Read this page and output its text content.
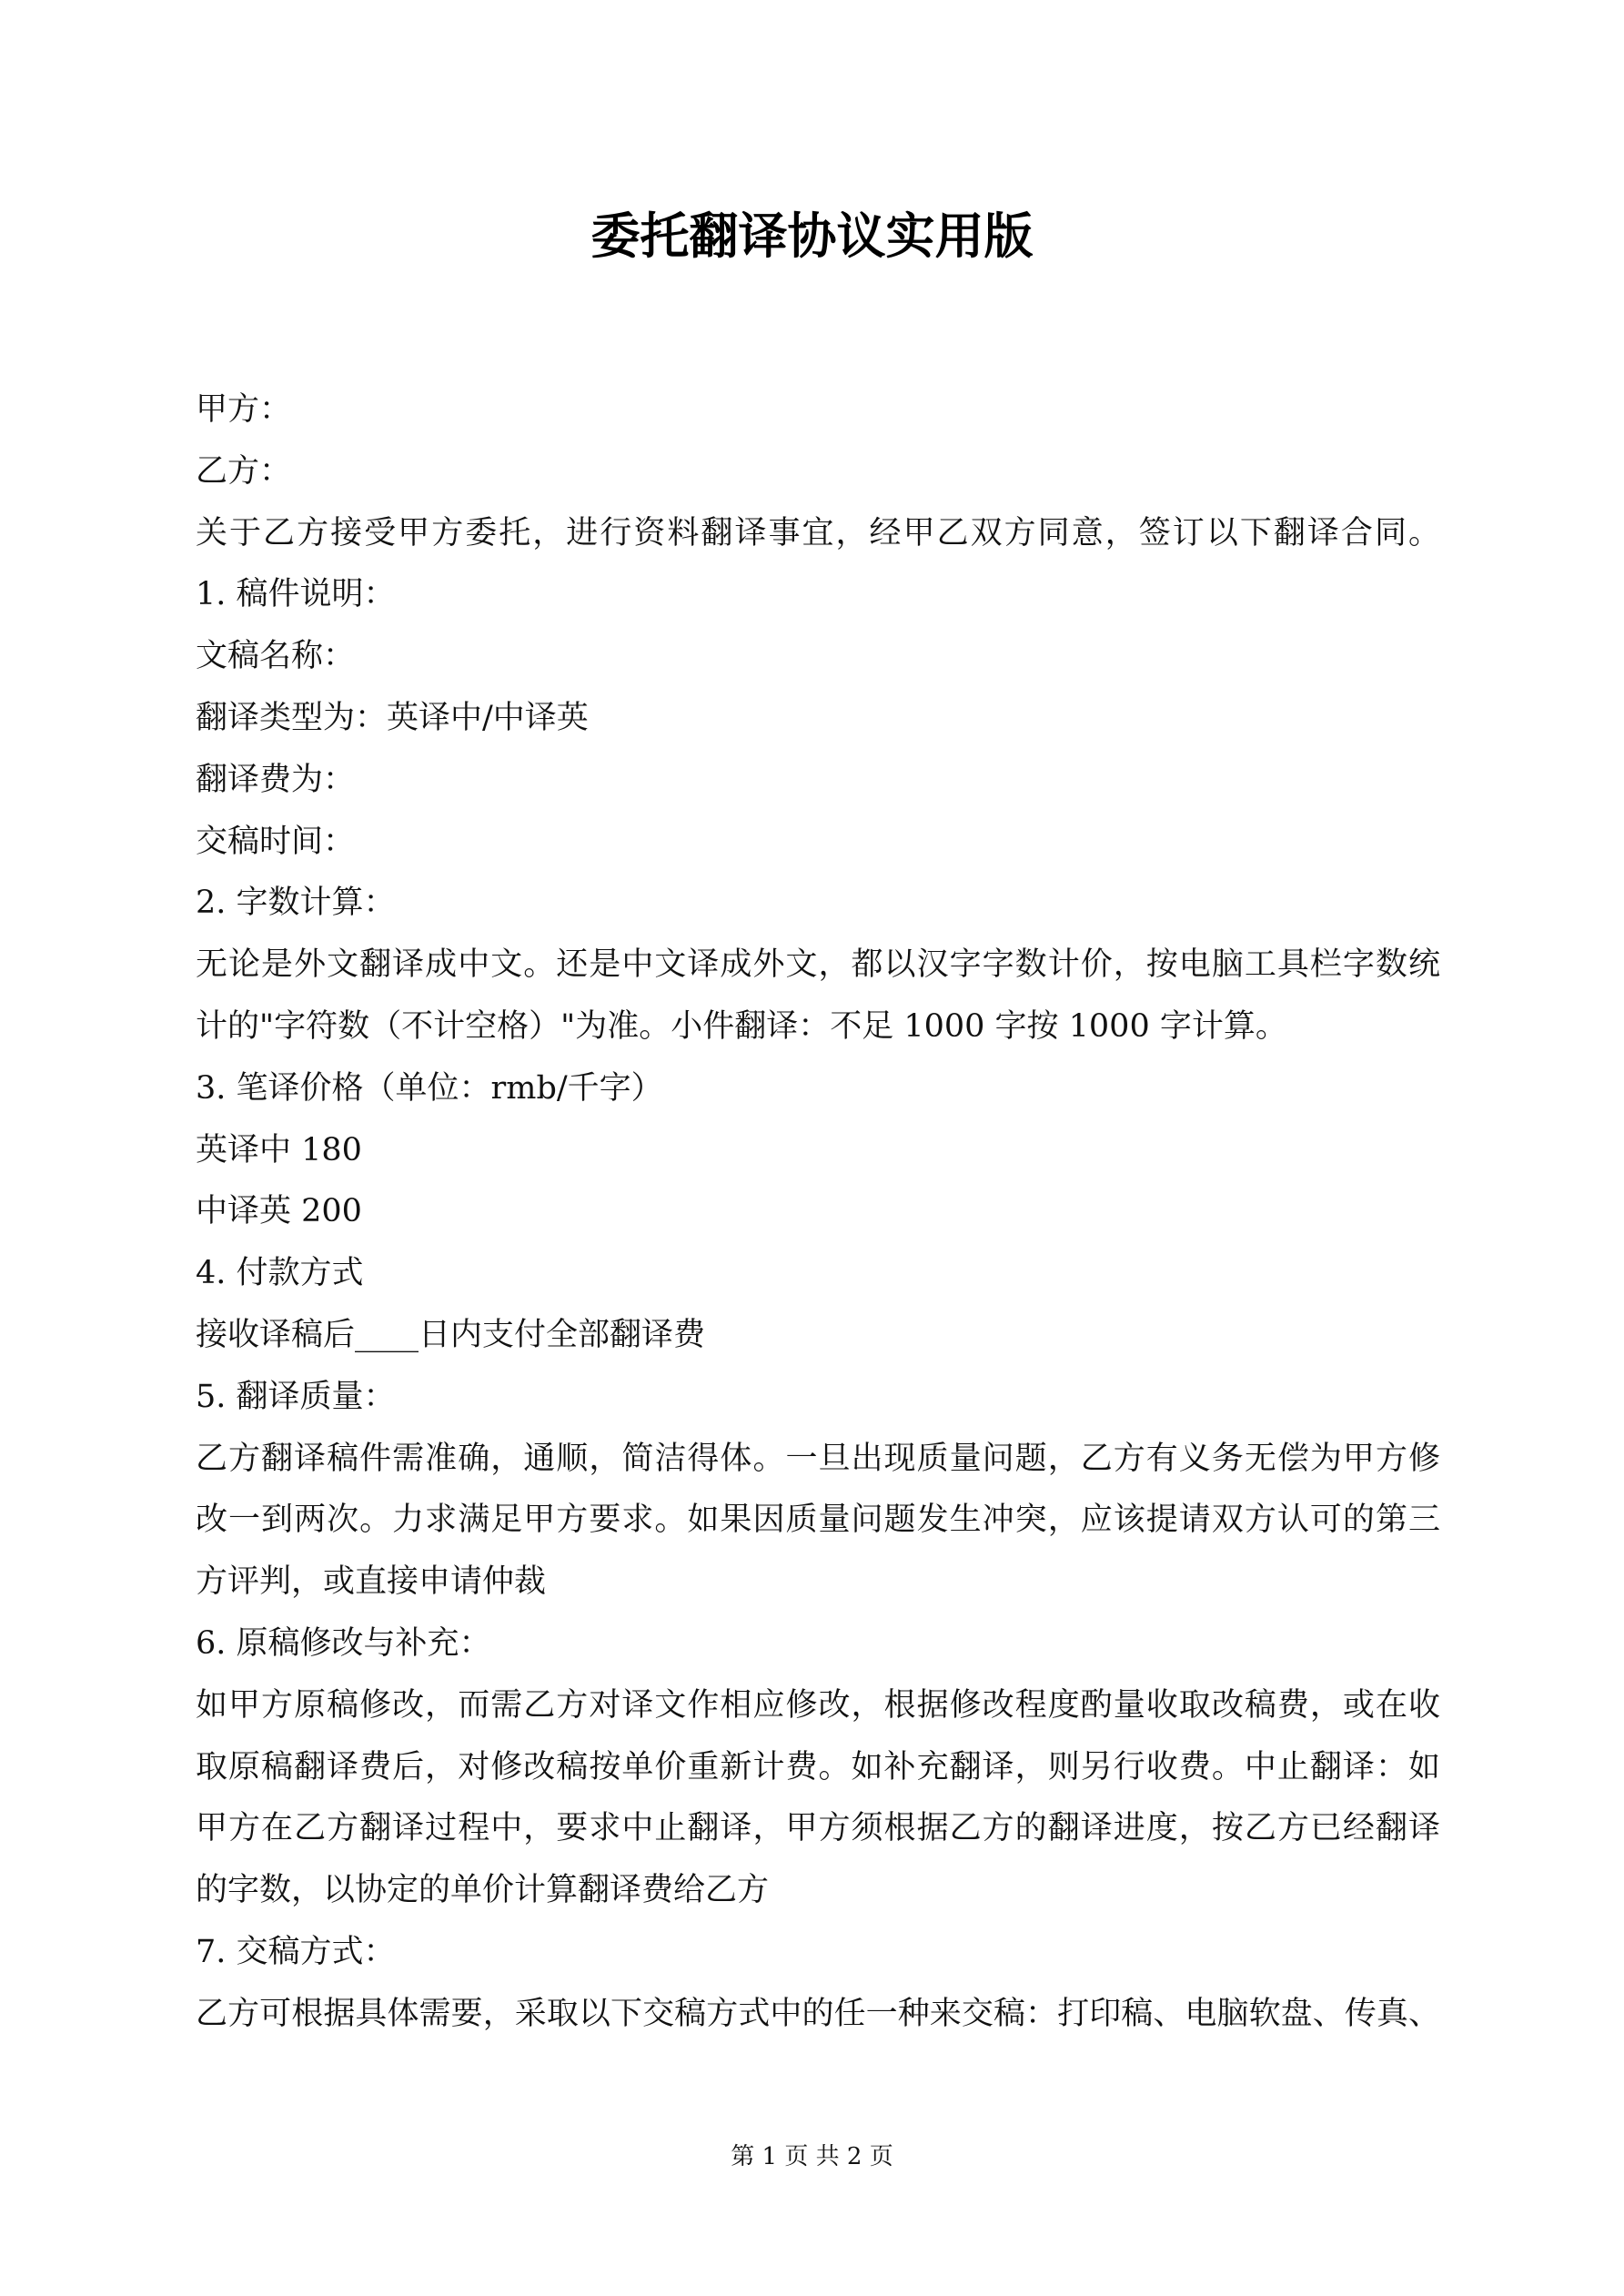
委托翻译协议实用版
甲方：
乙方：
关于乙方接受甲方委托，进行资料翻译事宜，经甲乙双方同意，签订以下翻译合同。
1. 稿件说明：
文稿名称：
翻译类型为：英译中/中译英
翻译费为：
交稿时间：
2. 字数计算：
无论是外文翻译成中文。还是中文译成外文，都以汉字字数计价，按电脑工具栏字数统
计的"字符数（不计空格）"为准。小件翻译：不足 1000 字按 1000 字计算。
3. 笔译价格（单位：rmb/千字）
英译中 180
中译英 200
4. 付款方式
接收译稿后____日内支付全部翻译费
5. 翻译质量：
乙方翻译稿件需准确，通顺，简洁得体。一旦出现质量问题，乙方有义务无偿为甲方修
改一到两次。力求满足甲方要求。如果因质量问题发生冲突，应该提请双方认可的第三
方评判，或直接申请仲裁
6. 原稿修改与补充：
如甲方原稿修改，而需乙方对译文作相应修改，根据修改程度酌量收取改稿费，或在收
取原稿翻译费后，对修改稿按单价重新计费。如补充翻译，则另行收费。中止翻译：如
甲方在乙方翻译过程中，要求中止翻译，甲方须根据乙方的翻译进度，按乙方已经翻译
的字数，以协定的单价计算翻译费给乙方
7. 交稿方式：
乙方可根据具体需要，采取以下交稿方式中的任一种来交稿：打印稿、电脑软盘、传真、
第 1 页 共 2 页
